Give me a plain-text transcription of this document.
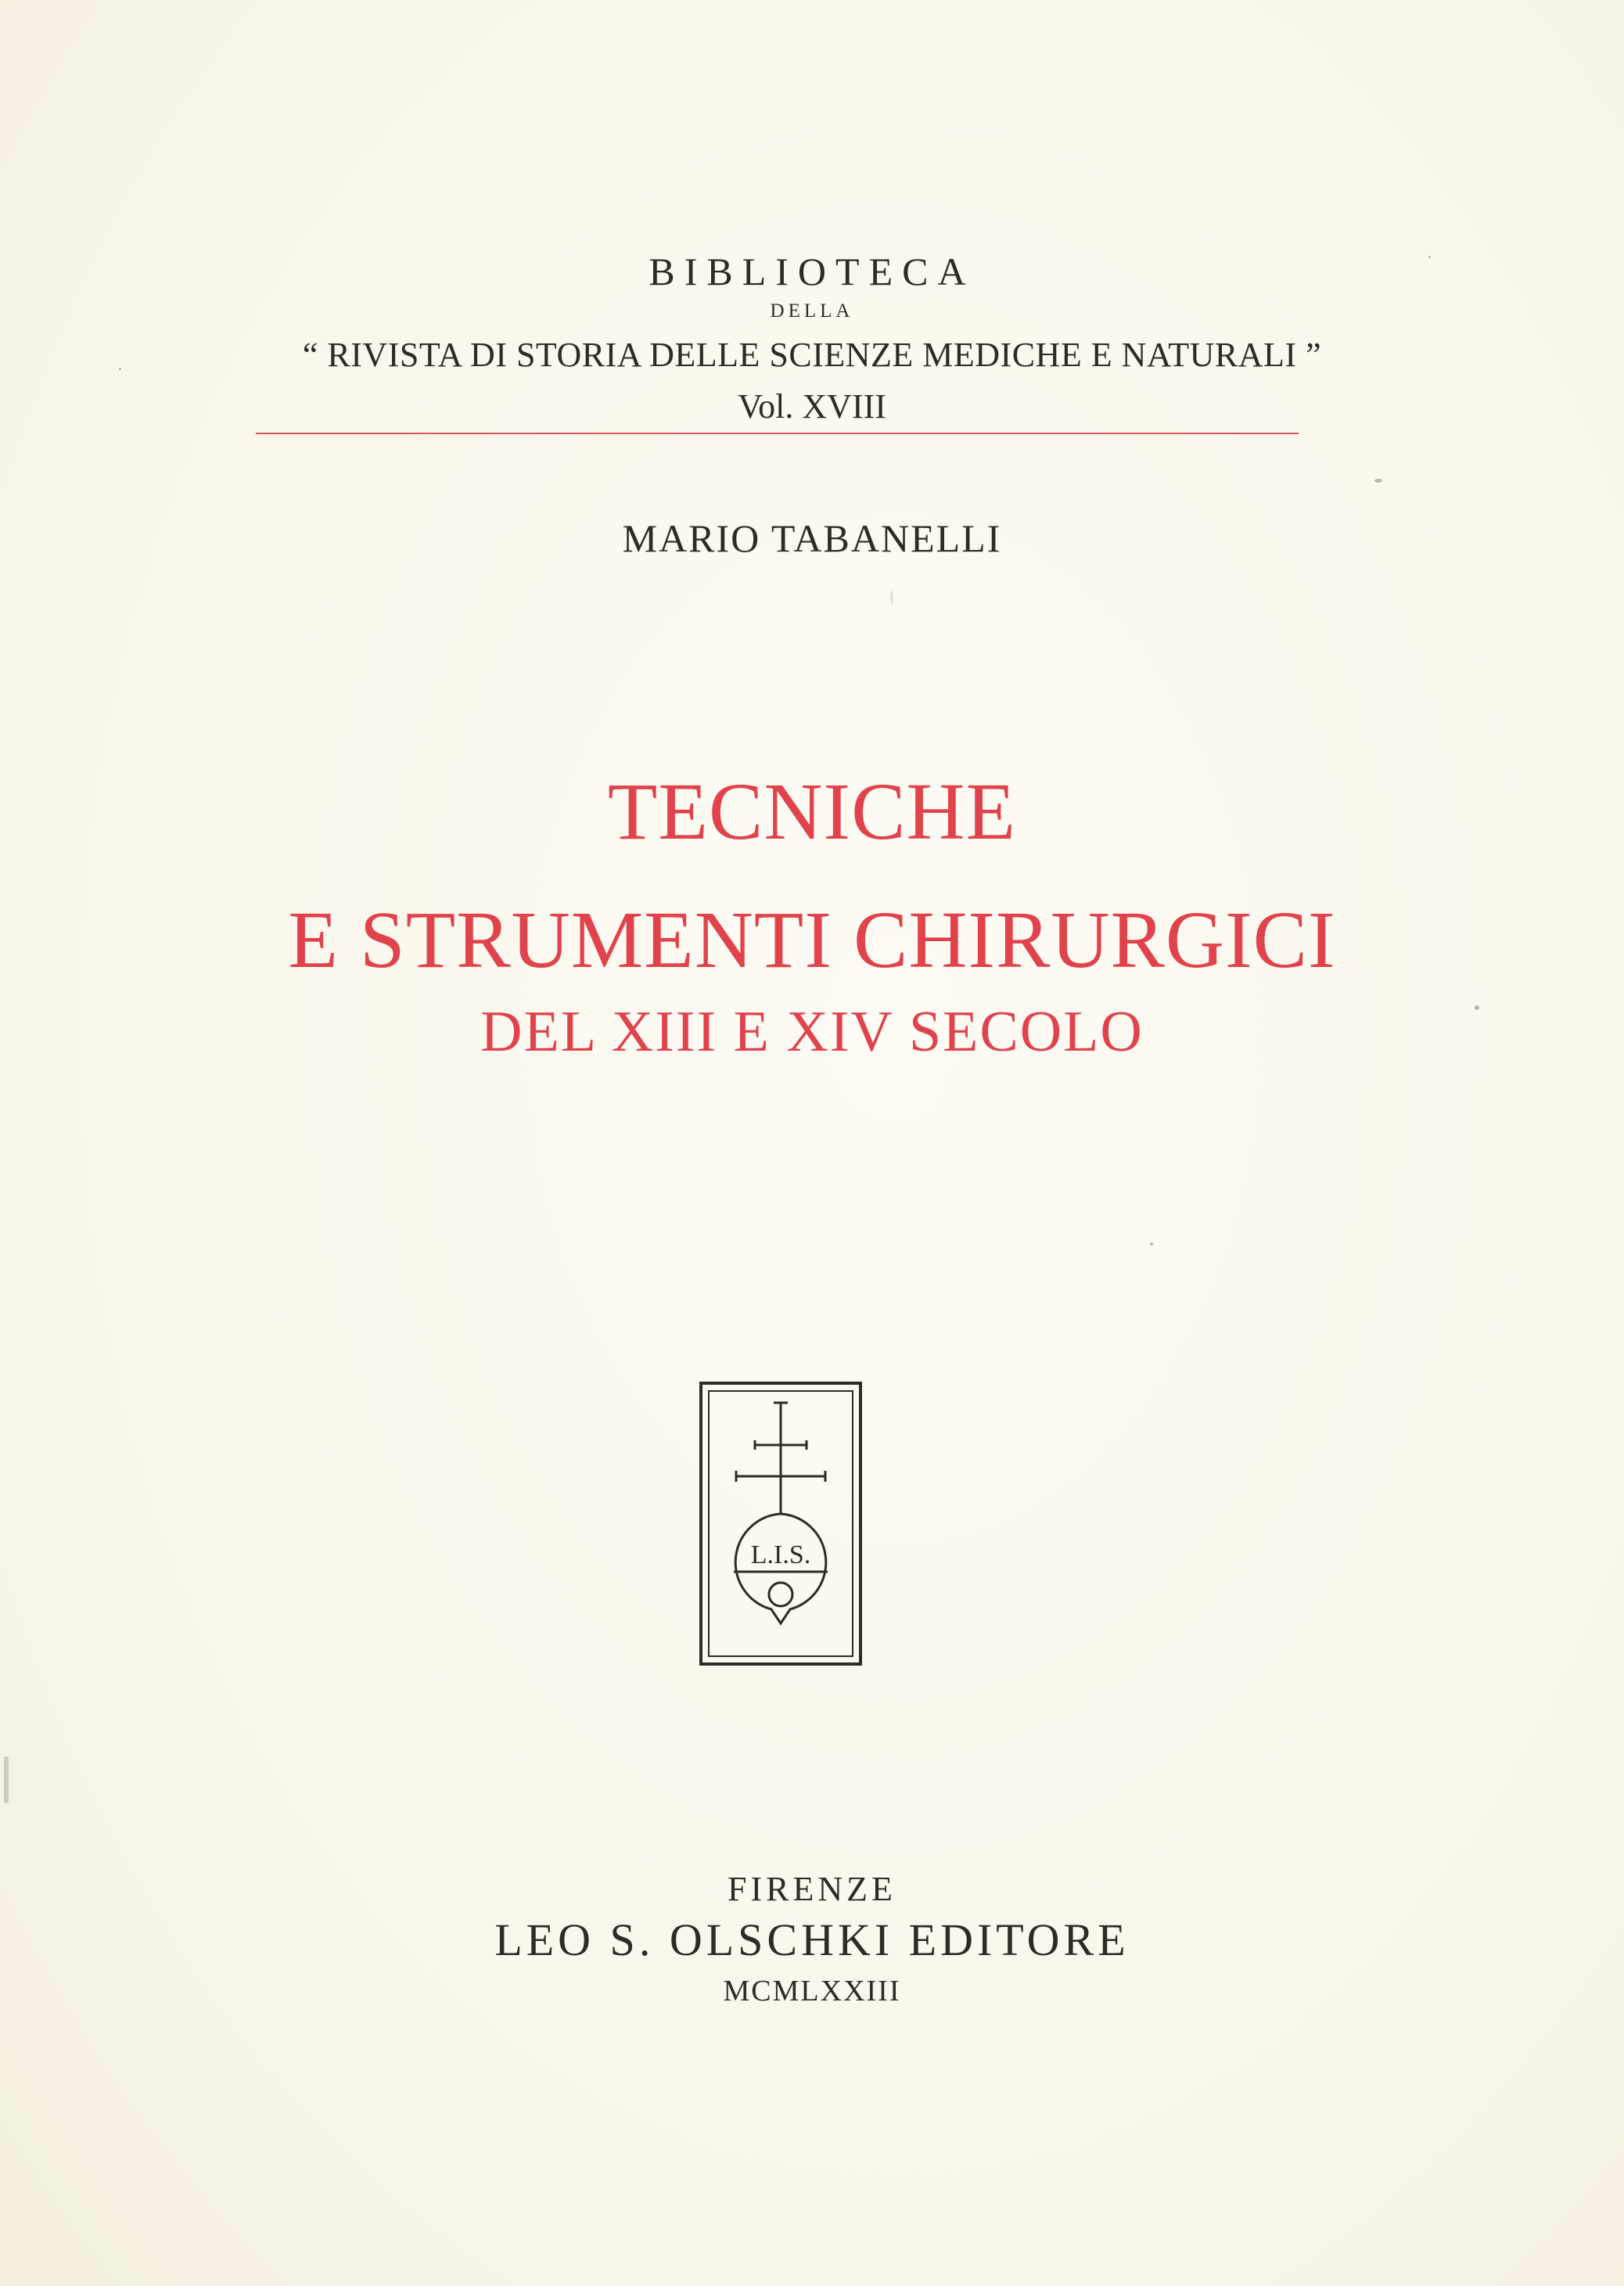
BIBLIOTECA
DELLA
“ RIVISTA DI STORIA DELLE SCIENZE MEDICHE E NATURALI ”
Vol. XVIII
MARIO TABANELLI
TECNICHE
E STRUMENTI CHIRURGICI
DEL XIII E XIV SECOLO
L.I.S.
FIRENZE
LEO S. OLSCHKI EDITORE
MCMLXXIII
